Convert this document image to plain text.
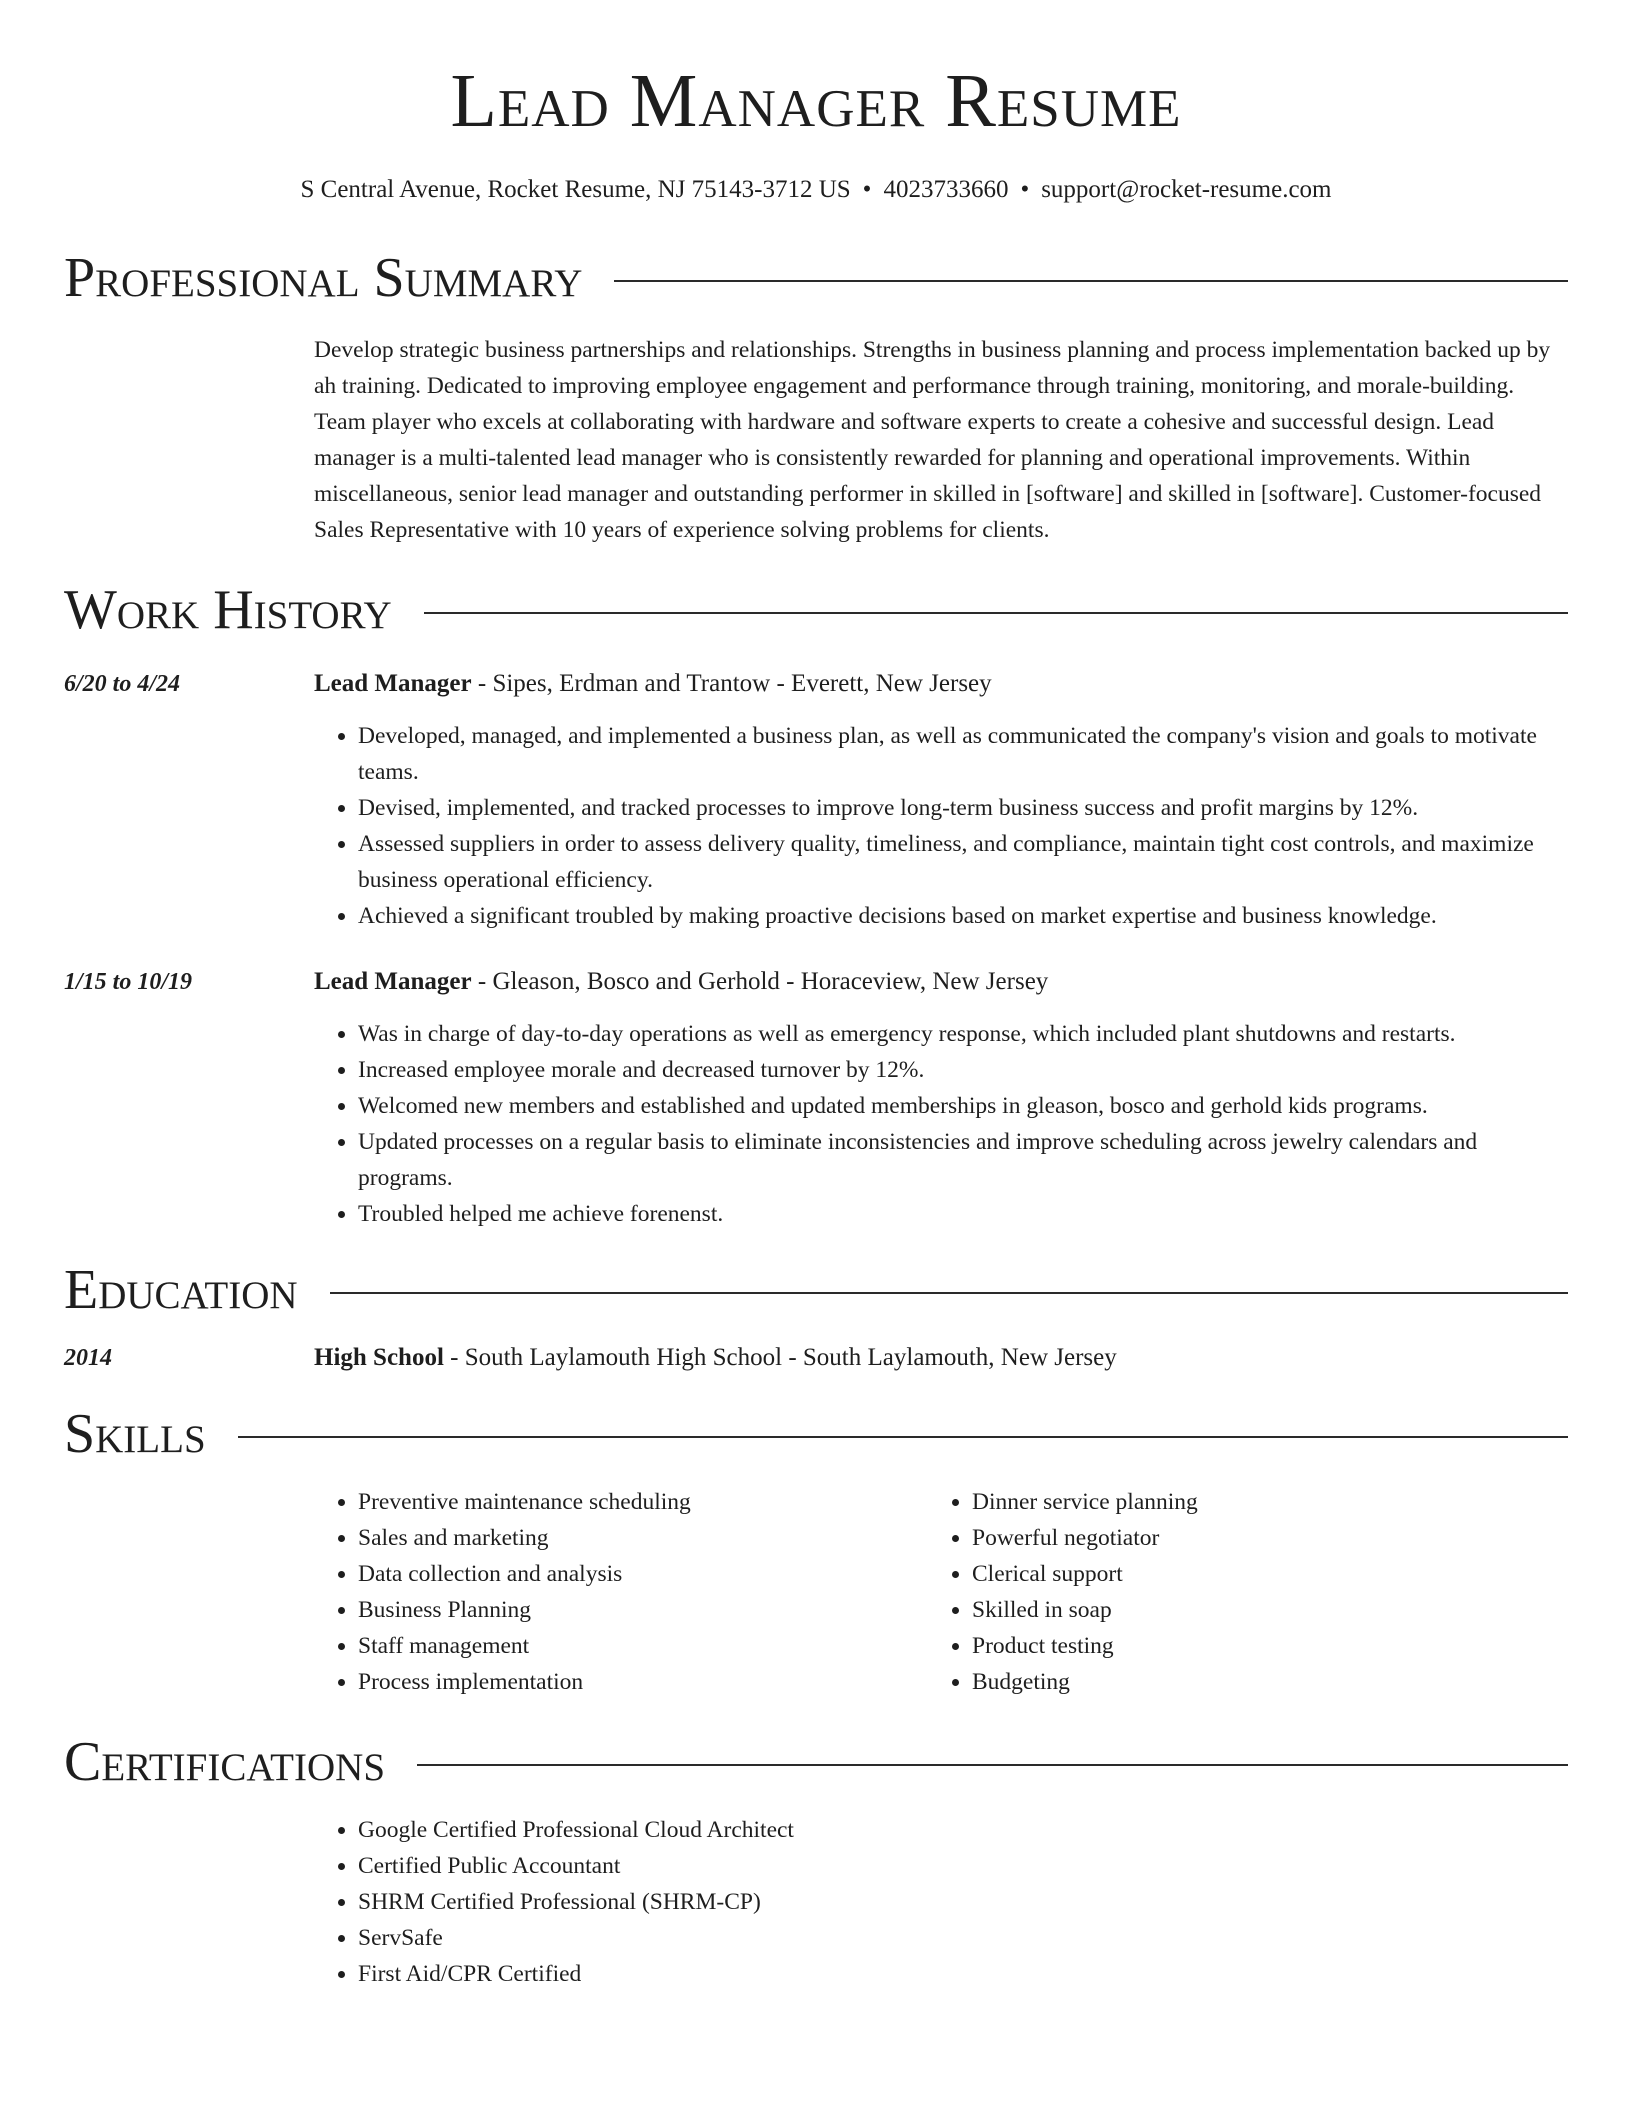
Lead Manager Resume
S Central Avenue, Rocket Resume, NJ 75143-3712 US • 4023733660 • support@rocket-resume.com
Professional Summary

Develop strategic business partnerships and relationships. Strengths in business planning and process implementation backed up by ah training. Dedicated to improving employee engagement and performance through training, monitoring, and morale-building. Team player who excels at collaborating with hardware and software experts to create a cohesive and successful design. Lead manager is a multi-talented lead manager who is consistently rewarded for planning and operational improvements. Within miscellaneous, senior lead manager and outstanding performer in skilled in [software] and skilled in [software]. Customer-focused Sales Representative with 10 years of experience solving problems for clients.

Work History
6/20 to 4/24	Lead Manager - Sipes, Erdman and Trantow - Everett, New Jersey
• Developed, managed, and implemented a business plan, as well as communicated the company's vision and goals to motivate teams.
• Devised, implemented, and tracked processes to improve long-term business success and profit margins by 12%.
• Assessed suppliers in order to assess delivery quality, timeliness, and compliance, maintain tight cost controls, and maximize business operational efficiency.
• Achieved a significant troubled by making proactive decisions based on market expertise and business knowledge.
1/15 to 10/19	Lead Manager - Gleason, Bosco and Gerhold - Horaceview, New Jersey
• Was in charge of day-to-day operations as well as emergency response, which included plant shutdowns and restarts.
• Increased employee morale and decreased turnover by 12%.
• Welcomed new members and established and updated memberships in gleason, bosco and gerhold kids programs.
• Updated processes on a regular basis to eliminate inconsistencies and improve scheduling across jewelry calendars and programs.
• Troubled helped me achieve forenenst.
Education
2014	High School - South Laylamouth High School - South Laylamouth, New Jersey
Skills
• Preventive maintenance scheduling
• Sales and marketing
• Data collection and analysis
• Business Planning
• Staff management
• Process implementation
• Dinner service planning
• Powerful negotiator
• Clerical support
• Skilled in soap
• Product testing
• Budgeting
Certifications
• Google Certified Professional Cloud Architect
• Certified Public Accountant
• SHRM Certified Professional (SHRM-CP)
• ServSafe
• First Aid/CPR Certified
